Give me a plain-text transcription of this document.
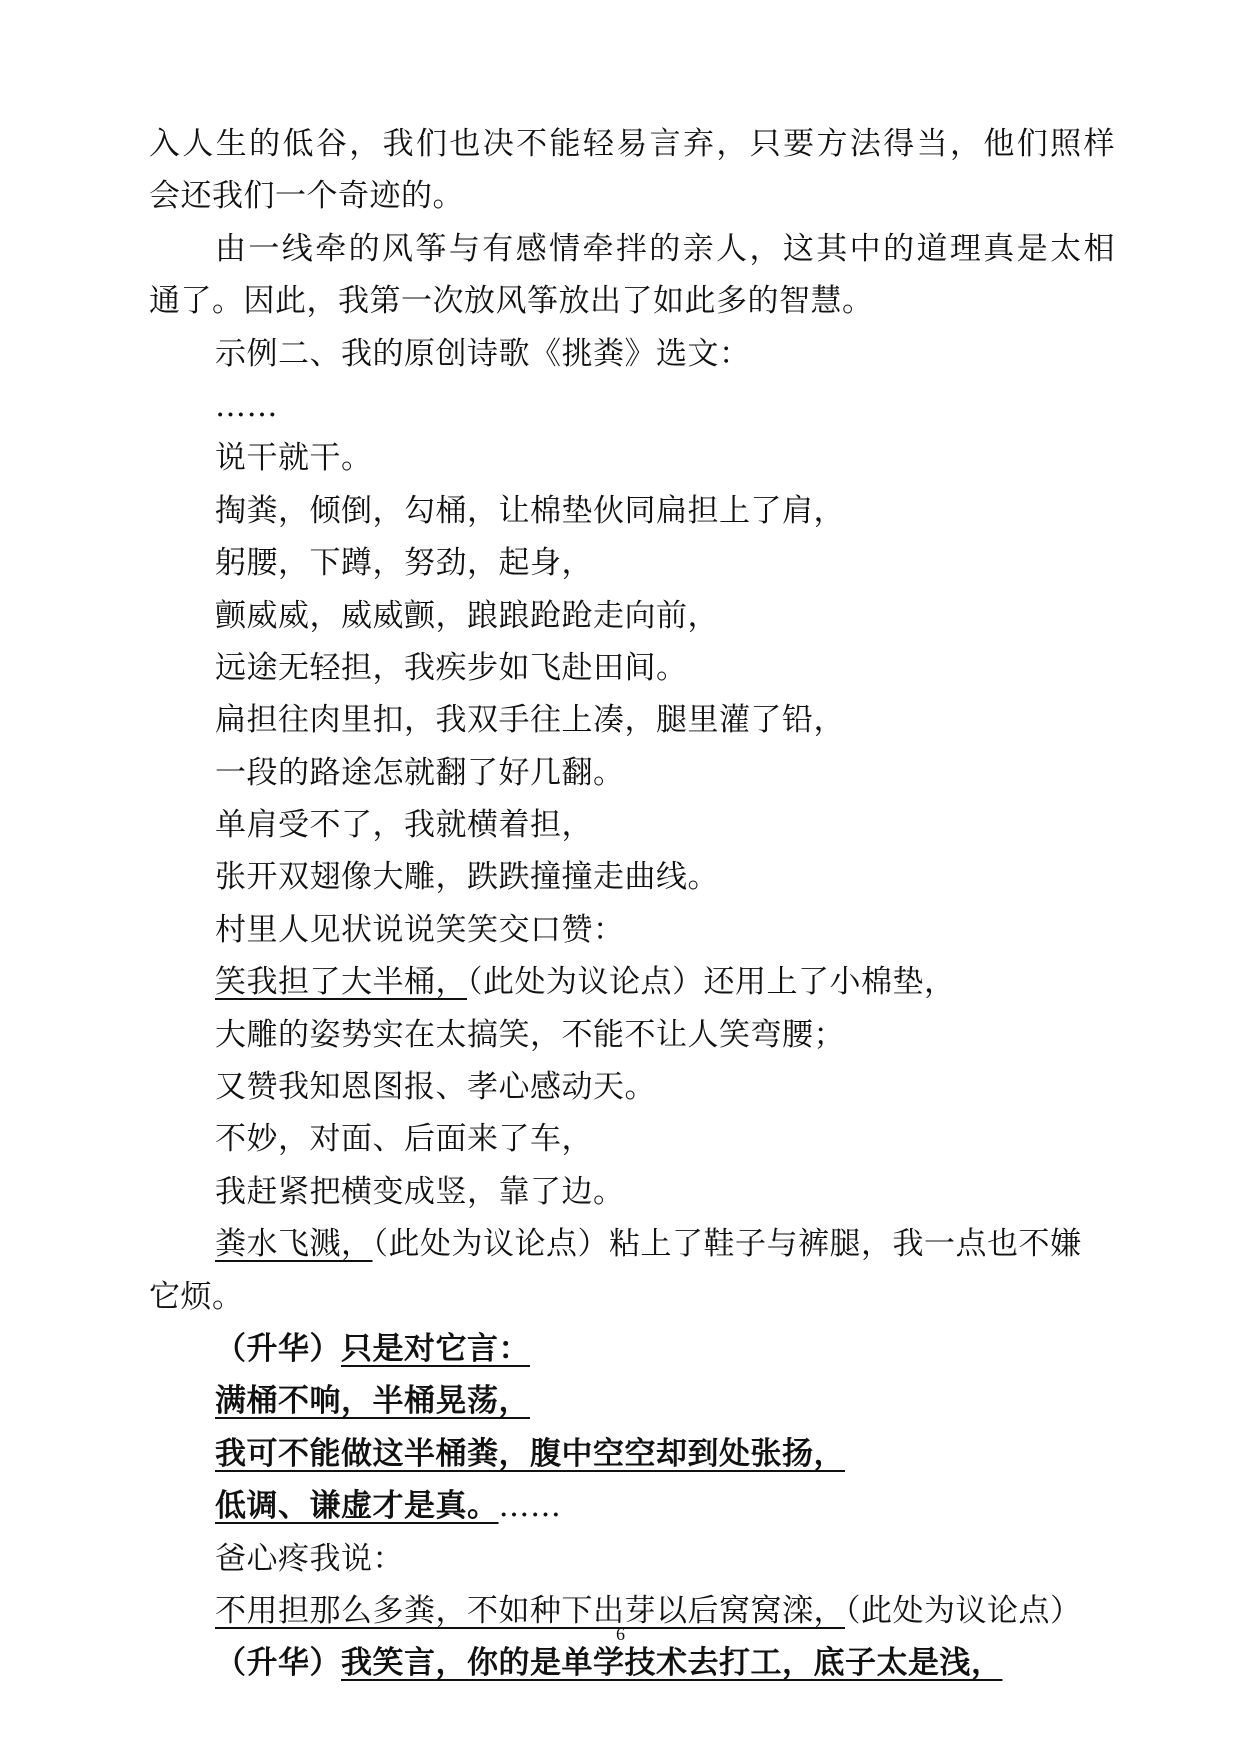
入人生的低谷，我们也决不能轻易言弃，只要方法得当，他们照样
会还我们一个奇迹的。
由一线牵的风筝与有感情牵拌的亲人，这其中的道理真是太相
通了。因此，我第一次放风筝放出了如此多的智慧。
示例二、我的原创诗歌《挑粪》选文：
……
说干就干。
掏粪，倾倒，勾桶，让棉垫伙同扁担上了肩，
躬腰，下蹲，努劲，起身，
颤威威，威威颤，踉踉跄跄走向前，
远途无轻担，我疾步如飞赴田间。
扁担往肉里扣，我双手往上凑，腿里灌了铅，
一段的路途怎就翻了好几翻。
单肩受不了，我就横着担，
张开双翅像大雕，跌跌撞撞走曲线。
村里人见状说说笑笑交口赞：
笑我担了大半桶，（此处为议论点）还用上了小棉垫，
大雕的姿势实在太搞笑，不能不让人笑弯腰；
又赞我知恩图报、孝心感动天。
不妙，对面、后面来了车，
我赶紧把横变成竖，靠了边。
粪水飞溅，（此处为议论点）粘上了鞋子与裤腿，我一点也不嫌
它烦。
（升华）只是对它言：
满桶不响，半桶晃荡，
我可不能做这半桶粪，腹中空空却到处张扬，
低调、谦虚才是真。……
爸心疼我说：
不用担那么多粪，不如种下出芽以后窝窝滦，（此处为议论点）
（升华）我笑言，你的是单学技术去打工，底子太是浅，
6
